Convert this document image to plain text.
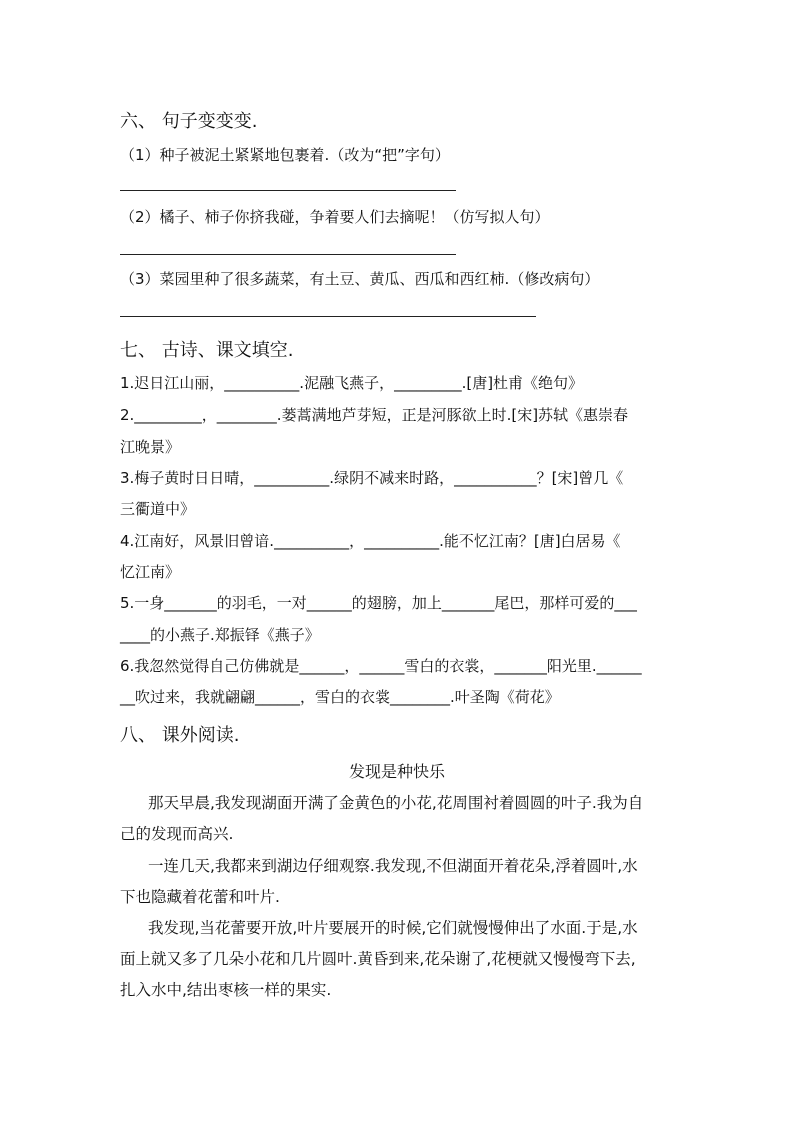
六、 句子变变变.

（1）种子被泥土紧紧地包裹着.（改为“把”字句）

（2）橘子、柿子你挤我碰，争着要人们去摘呢！（仿写拟人句）

（3）菜园里种了很多蔬菜，有土豆、黄瓜、西瓜和西红柿.（修改病句）

七、 古诗、课文填空.

1.迟日江山丽，__________.泥融飞燕子，_________.[唐]杜甫《绝句》

2._________，________.蒌蒿满地芦芽短，正是河豚欲上时.[宋]苏轼《惠崇春

江晚景》

3.梅子黄时日日晴，__________.绿阴不减来时路，___________？[宋]曾几《

三衢道中》

4.江南好，风景旧曾谙.__________，__________.能不忆江南？[唐]白居易《

忆江南》

5.一身_______的羽毛，一对______的翅膀，加上_______尾巴，那样可爱的___

____的小燕子.郑振铎《燕子》

6.我忽然觉得自己仿佛就是______，______雪白的衣裳，_______阳光里.______

__吹过来，我就翩翩______，雪白的衣裳________.叶圣陶《荷花》

八、 课外阅读.

发现是种快乐

那天早晨,我发现湖面开满了金黄色的小花,花周围衬着圆圆的叶子.我为自

己的发现而高兴.

一连几天,我都来到湖边仔细观察.我发现,不但湖面开着花朵,浮着圆叶,水

下也隐藏着花蕾和叶片.

我发现,当花蕾要开放,叶片要展开的时候,它们就慢慢伸出了水面.于是,水

面上就又多了几朵小花和几片圆叶.黄昏到来,花朵谢了,花梗就又慢慢弯下去,

扎入水中,结出枣核一样的果实.
